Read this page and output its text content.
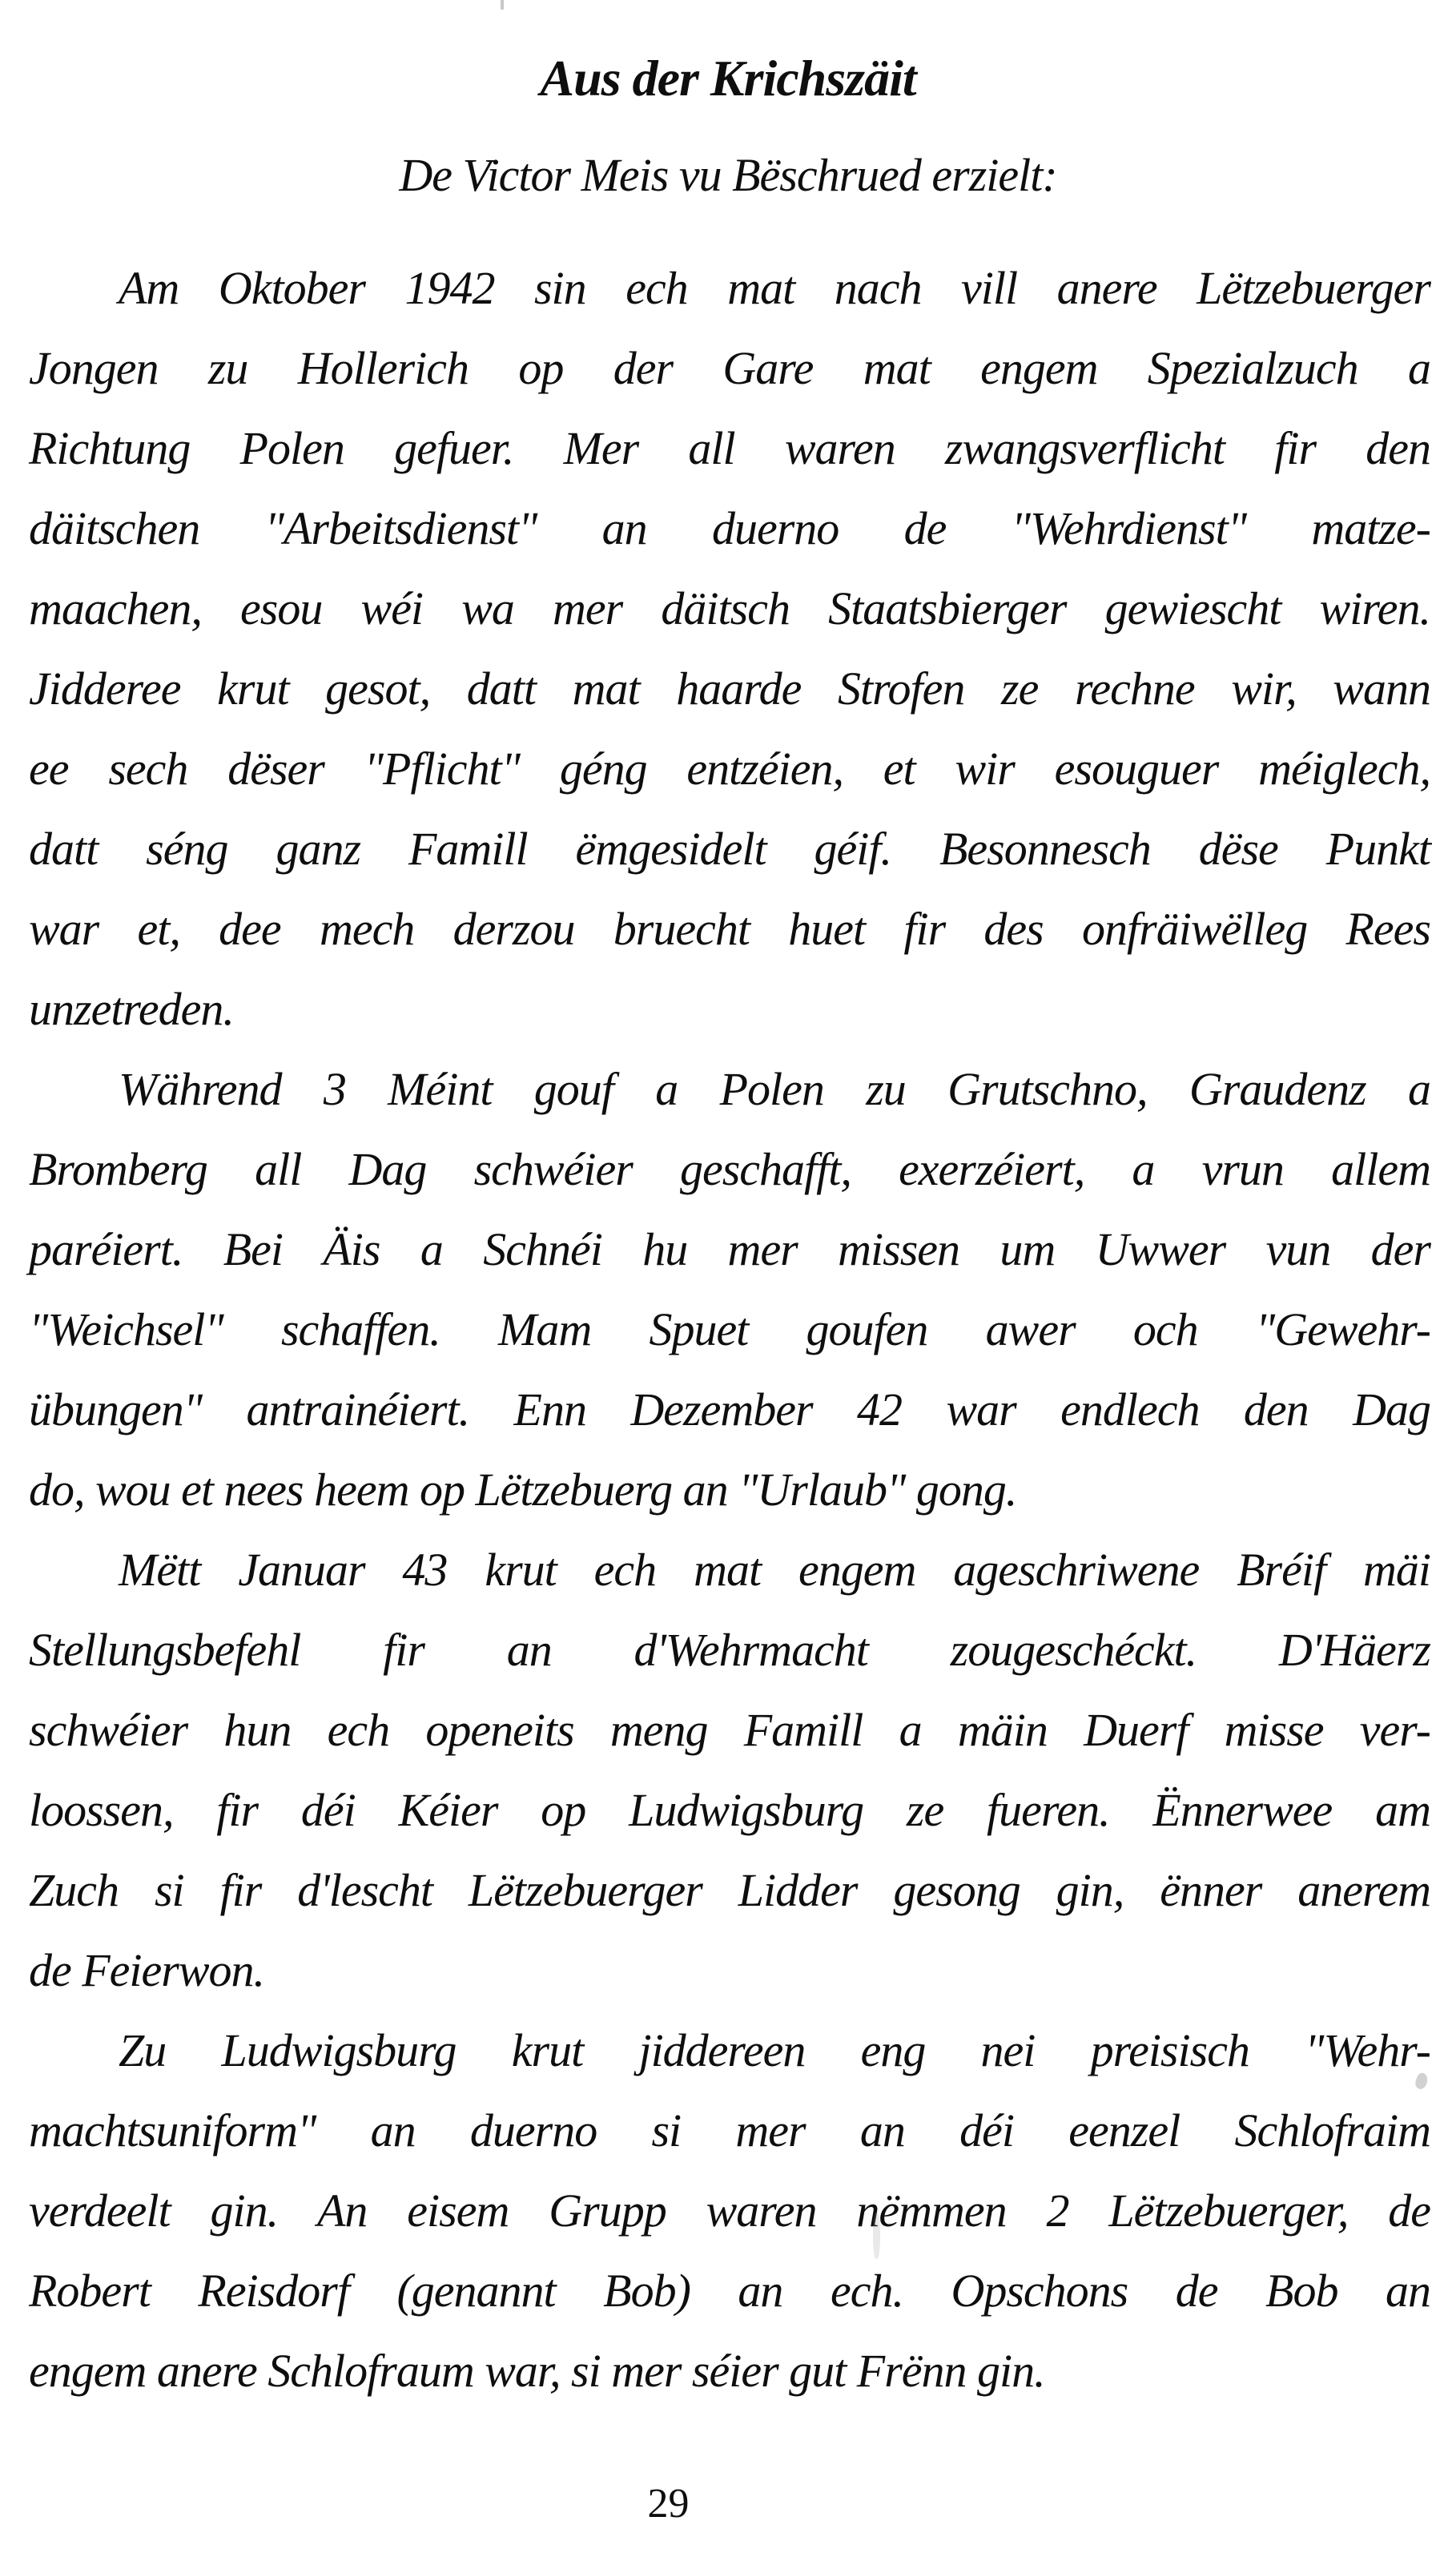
Aus der Krichszäit
De Victor Meis vu Bëschrued erzielt:
Am Oktober 1942 sin ech mat nach vill anere Lëtzebuerger
Jongen zu Hollerich op der Gare mat engem Spezialzuch a
Richtung Polen gefuer. Mer all waren zwangsverflicht fir den
däitschen "Arbeitsdienst" an duerno de "Wehrdienst" matze-
maachen, esou wéi wa mer däitsch Staatsbierger gewiescht wiren.
Jidderee krut gesot, datt mat haarde Strofen ze rechne wir, wann
ee sech dëser "Pflicht" géng entzéien, et wir esouguer méiglech,
datt séng ganz Famill ëmgesidelt géif. Besonnesch dëse Punkt
war et, dee mech derzou bruecht huet fir des onfräiwëlleg Rees
unzetreden.
Während 3 Méint gouf a Polen zu Grutschno, Graudenz a
Bromberg all Dag schwéier geschafft, exerzéiert, a vrun allem
paréiert. Bei Äis a Schnéi hu mer missen um Uwwer vun der
"Weichsel" schaffen. Mam Spuet goufen awer och "Gewehr-
übungen" antrainéiert. Enn Dezember 42 war endlech den Dag
do, wou et nees heem op Lëtzebuerg an "Urlaub" gong.
Mëtt Januar 43 krut ech mat engem ageschriwene Bréif mäi
Stellungsbefehl fir an d'Wehrmacht zougeschéckt. D'Häerz
schwéier hun ech openeits meng Famill a mäin Duerf misse ver-
loossen, fir déi Kéier op Ludwigsburg ze fueren. Ënnerwee am
Zuch si fir d'lescht Lëtzebuerger Lidder gesong gin, ënner anerem
de Feierwon.
Zu Ludwigsburg krut jiddereen eng nei preisisch "Wehr-
machtsuniform" an duerno si mer an déi eenzel Schlofraim
verdeelt gin. An eisem Grupp waren nëmmen 2 Lëtzebuerger, de
Robert Reisdorf (genannt Bob) an ech. Opschons de Bob an
engem anere Schlofraum war, si mer séier gut Frënn gin.
29
